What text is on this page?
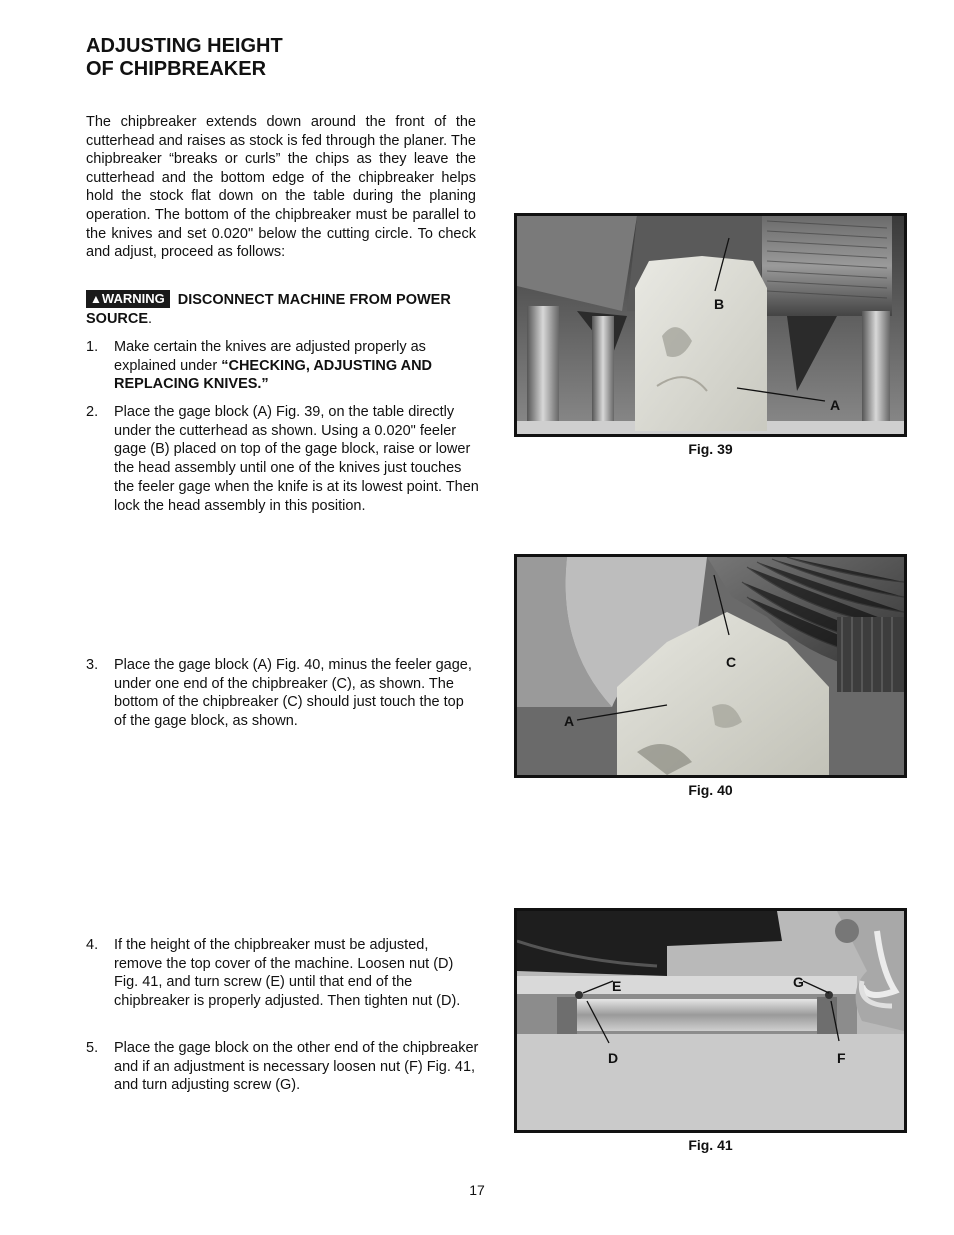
ADJUSTING HEIGHT
OF CHIPBREAKER

The chipbreaker extends down around the front of the cutterhead and raises as stock is fed through the planer. The chipbreaker “breaks or curls” the chips as they leave the cutterhead and the bottom edge of the chipbreaker helps hold the stock flat down on the table during the planing operation. The bottom of the chipbreaker must be parallel to the knives and set 0.020" below the cutting circle. To check and adjust, proceed as follows:

▲WARNING DISCONNECT MACHINE FROM POWER SOURCE.
1. Make certain the knives are adjusted properly as explained under “CHECKING, ADJUSTING AND REPLACING KNIVES.”
2. Place the gage block (A) Fig. 39, on the table directly under the cutterhead as shown. Using a 0.020" feeler gage (B) placed on top of the gage block, raise or lower the head assembly until one of the knives just touches the feeler gage when the knife is at its lowest point. Then lock the head assembly in this position.
3. Place the gage block (A) Fig. 40, minus the feeler gage, under one end of the chipbreaker (C), as shown. The bottom of the chipbreaker (C) should just touch the top of the gage block, as shown.
4. If the height of the chipbreaker must be adjusted, remove the top cover of the machine. Loosen nut (D) Fig. 41, and turn screw (E) until that end of the chipbreaker is properly adjusted. Then tighten nut (D).
5. Place the gage block on the other end of the chipbreaker and if an adjustment is necessary loosen nut (F) Fig. 41, and turn adjusting screw (G).
B
A
Fig. 39
C
A
Fig. 40
E	G
D	F
Fig. 41
17
